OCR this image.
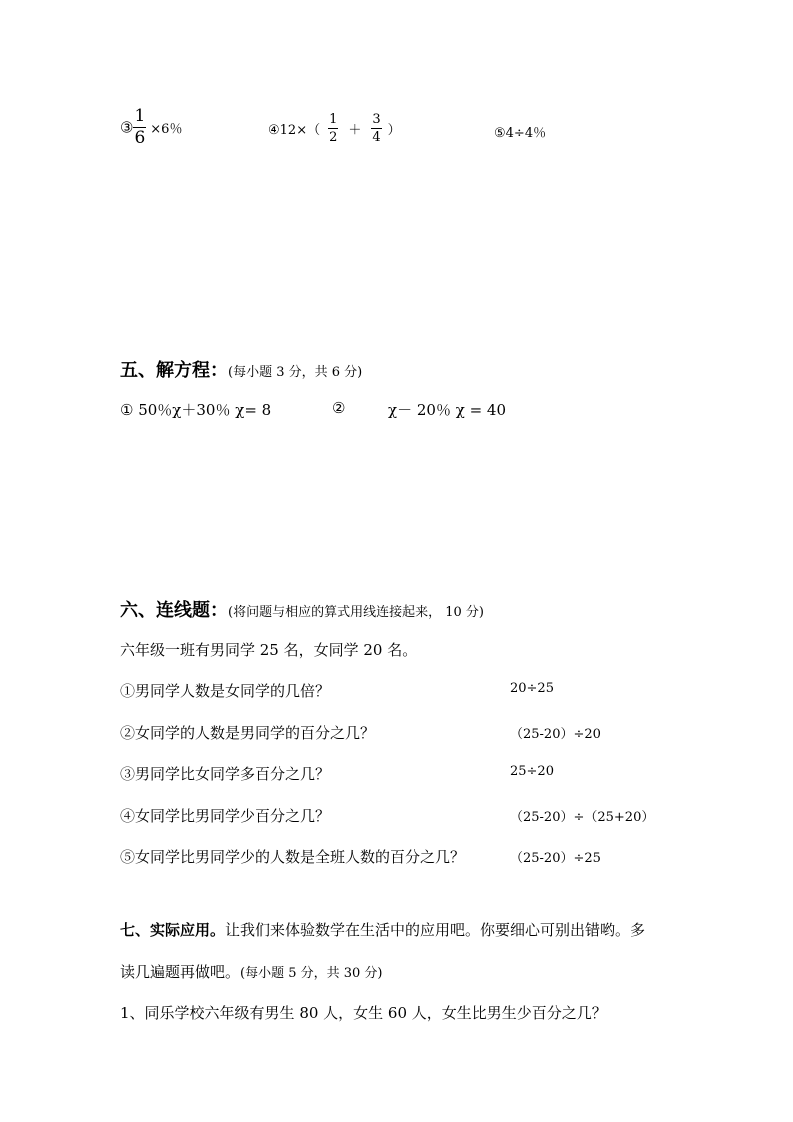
③ $\frac{1}{6} \times 6$％	④12×（ $\frac{1}{2} + \frac{3}{4}$ ）	⑤4÷4％
五、解方程：(每小题 3 分，共 6 分)
① 50％χ＋30％ χ= 8	②	χ－ 20％ χ = 40
六、连线题：(将问题与相应的算式用线连接起来， 10 分)
六年级一班有男同学 25 名，女同学 20 名。
①男同学人数是女同学的几倍？
②女同学的人数是男同学的百分之几？
③男同学比女同学多百分之几？
④女同学比男同学少百分之几？
⑤女同学比男同学少的人数是全班人数的百分之几？
20÷25
（25-20）÷20
25÷20
（25-20）÷（25+20）
（25-20）÷25
七、实际应用。让我们来体验数学在生活中的应用吧。你要细心可别出错哟。多
读几遍题再做吧。(每小题 5 分，共 30 分)
1、同乐学校六年级有男生 80 人，女生 60 人，女生比男生少百分之几？
